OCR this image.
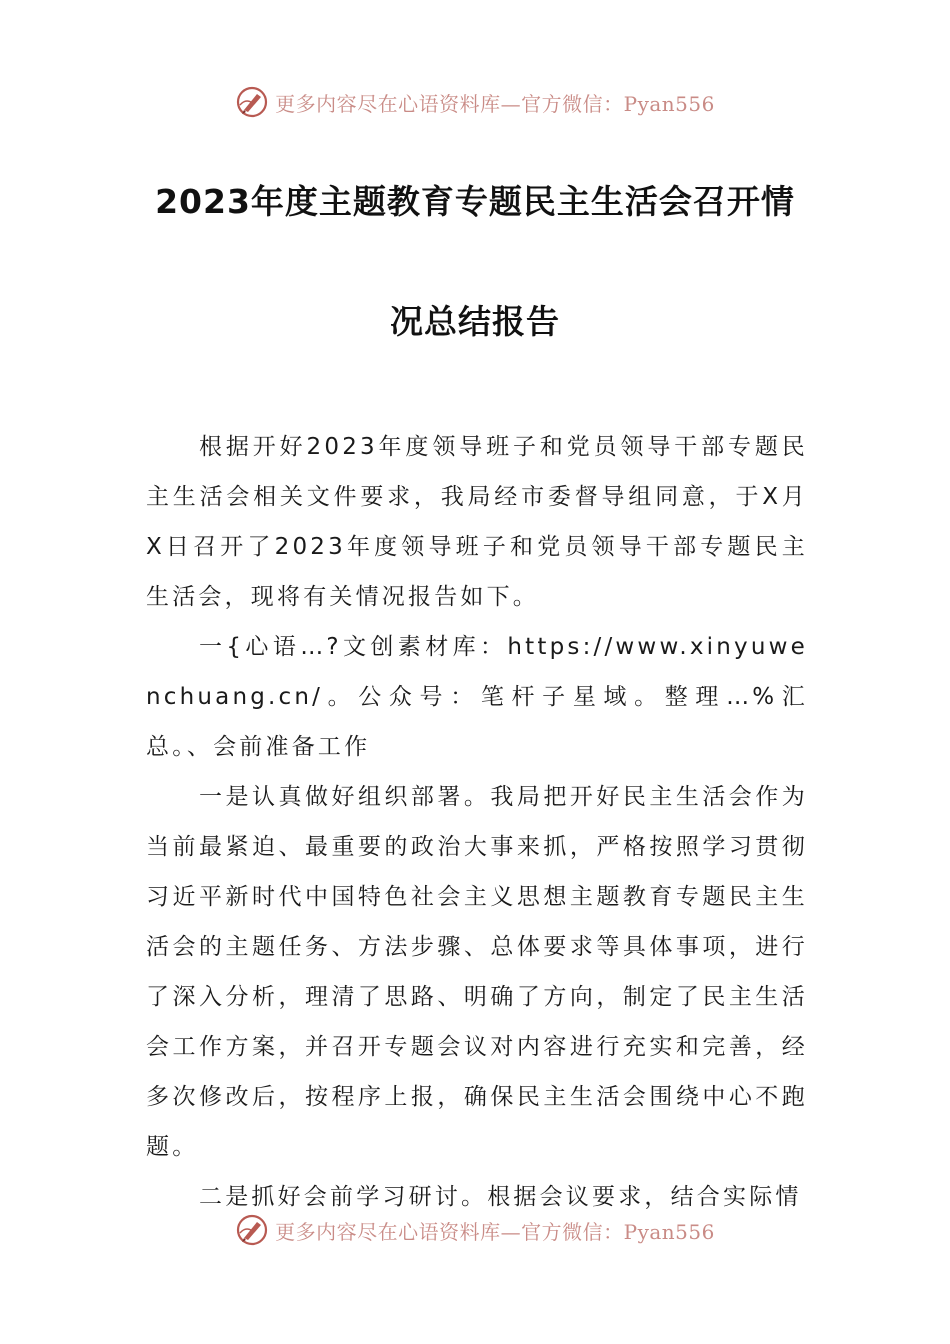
更多内容尽在心语资料库—官方微信：Pyan556
2023年度主题教育专题民主生活会召开情
况总结报告

根据开好2023年度领导班子和党员领导干部专题民主生活会相关文件要求，我局经市委督导组同意，于X月X日召开了2023年度领导班子和党员领导干部专题民主生活会，现将有关情况报告如下。

一{心语…?文创素材库：https://www.xinyuwenchuang.cn/。公众号：笔杆子星域。整理…%汇总。、会前准备工作

一是认真做好组织部署。我局把开好民主生活会作为当前最紧迫、最重要的政治大事来抓，严格按照学习贯彻习近平新时代中国特色社会主义思想主题教育专题民主生活会的主题任务、方法步骤、总体要求等具体事项，进行了深入分析，理清了思路、明确了方向，制定了民主生活会工作方案，并召开专题会议对内容进行充实和完善，经多次修改后，按程序上报，确保民主生活会围绕中心不跑题。

二是抓好会前学习研讨。根据会议要求，结合实际情

更多内容尽在心语资料库—官方微信：Pyan556
